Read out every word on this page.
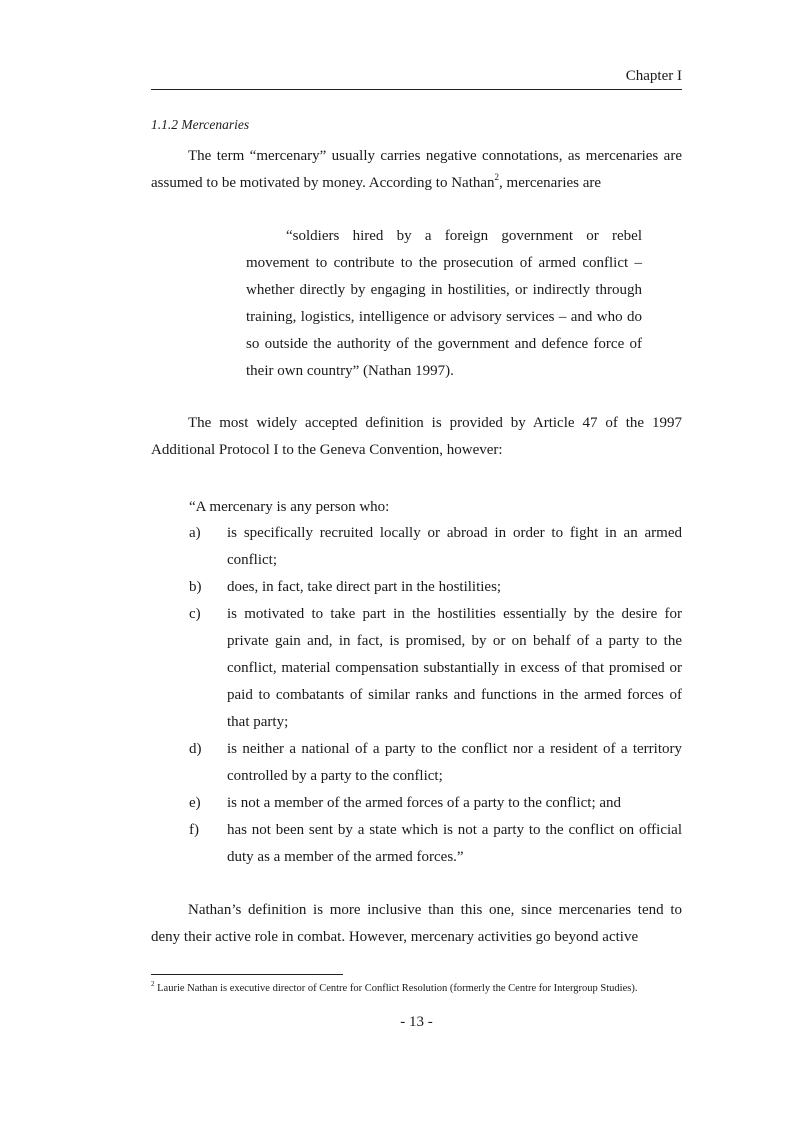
Chapter I
1.1.2 Mercenaries

The term “mercenary” usually carries negative connotations, as mercenaries are assumed to be motivated by money. According to Nathan$^2$, mercenaries are

“soldiers hired by a foreign government or rebel movement to contribute to the prosecution of armed conflict – whether directly by engaging in hostilities, or indirectly through training, logistics, intelligence or advisory services – and who do so outside the authority of the government and defence force of their own country” (Nathan 1997).

The most widely accepted definition is provided by Article 47 of the 1997 Additional Protocol I to the Geneva Convention, however:

“A mercenary is any person who:
a) is specifically recruited locally or abroad in order to fight in an armed conflict;
b) does, in fact, take direct part in the hostilities;
c) is motivated to take part in the hostilities essentially by the desire for private gain and, in fact, is promised, by or on behalf of a party to the conflict, material compensation substantially in excess of that promised or paid to combatants of similar ranks and functions in the armed forces of that party;
d) is neither a national of a party to the conflict nor a resident of a territory controlled by a party to the conflict;
e) is not a member of the armed forces of a party to the conflict; and
f) has not been sent by a state which is not a party to the conflict on official duty as a member of the armed forces.”

Nathan’s definition is more inclusive than this one, since mercenaries tend to deny their active role in combat. However, mercenary activities go beyond active

$^2$ Laurie Nathan is executive director of Centre for Conflict Resolution (formerly the Centre for Intergroup Studies).

- 13 -
